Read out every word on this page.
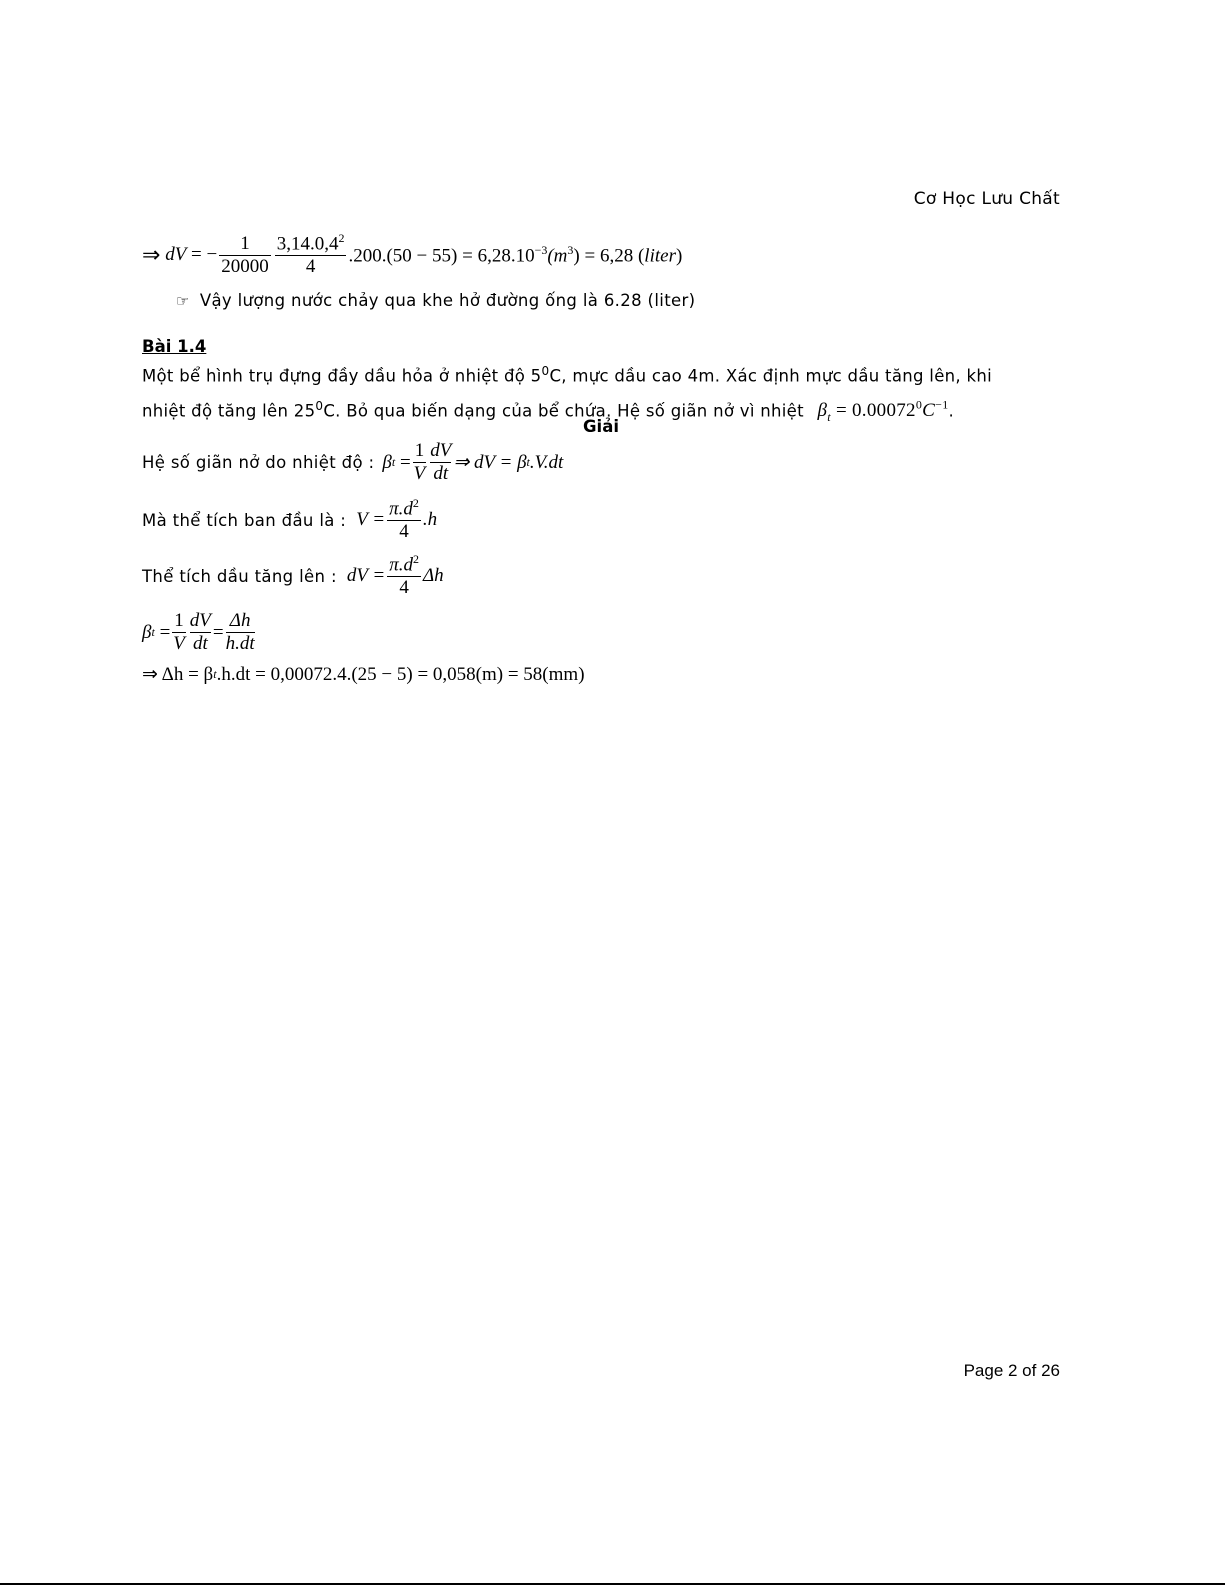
Cơ Học Lưu Chất
⇒
dV
=
− $\frac{1}{20000} \frac{3,14.0,4^2}{4} .200.(50 - 55) = 6,28.10^{-3}(m^3) = 6,28$ (liter)
☞ Vậy lượng nước chảy qua khe hở đường ống là 6.28 (liter)
Bài 1.4
Một bể hình trụ đựng đầy dầu hỏa ở nhiệt độ $5^0C$, mực dầu cao 4m. Xác định mực dầu tăng lên, khi
nhiệt độ tăng lên $25^0C$. Bỏ qua biến dạng của bể chứa. Hệ số giãn nở vì nhiệt $\beta_t = 0.00072^0C^{-1}$.
Giải
Hệ số giãn nở do nhiệt độ : β t
= $\frac{1}{V} \frac{dV}{dt}$ ⇒ dV = β t .V.dt
Mà thể tích ban đầu là : $V = \frac{\pi.d^2}{4} .h$
Thể tích dầu tăng lên : dV = $\frac{\pi.d^2}{4}$ Δh
β t
= $\frac{1}{V} \frac{dV}{dt} = \frac{\Delta h}{h.dt}$
⇒ Δh = β t .h.dt = 0,00072.4.(25 − 5) = 0,058(m) = 58(mm)
Page 2 of 26
